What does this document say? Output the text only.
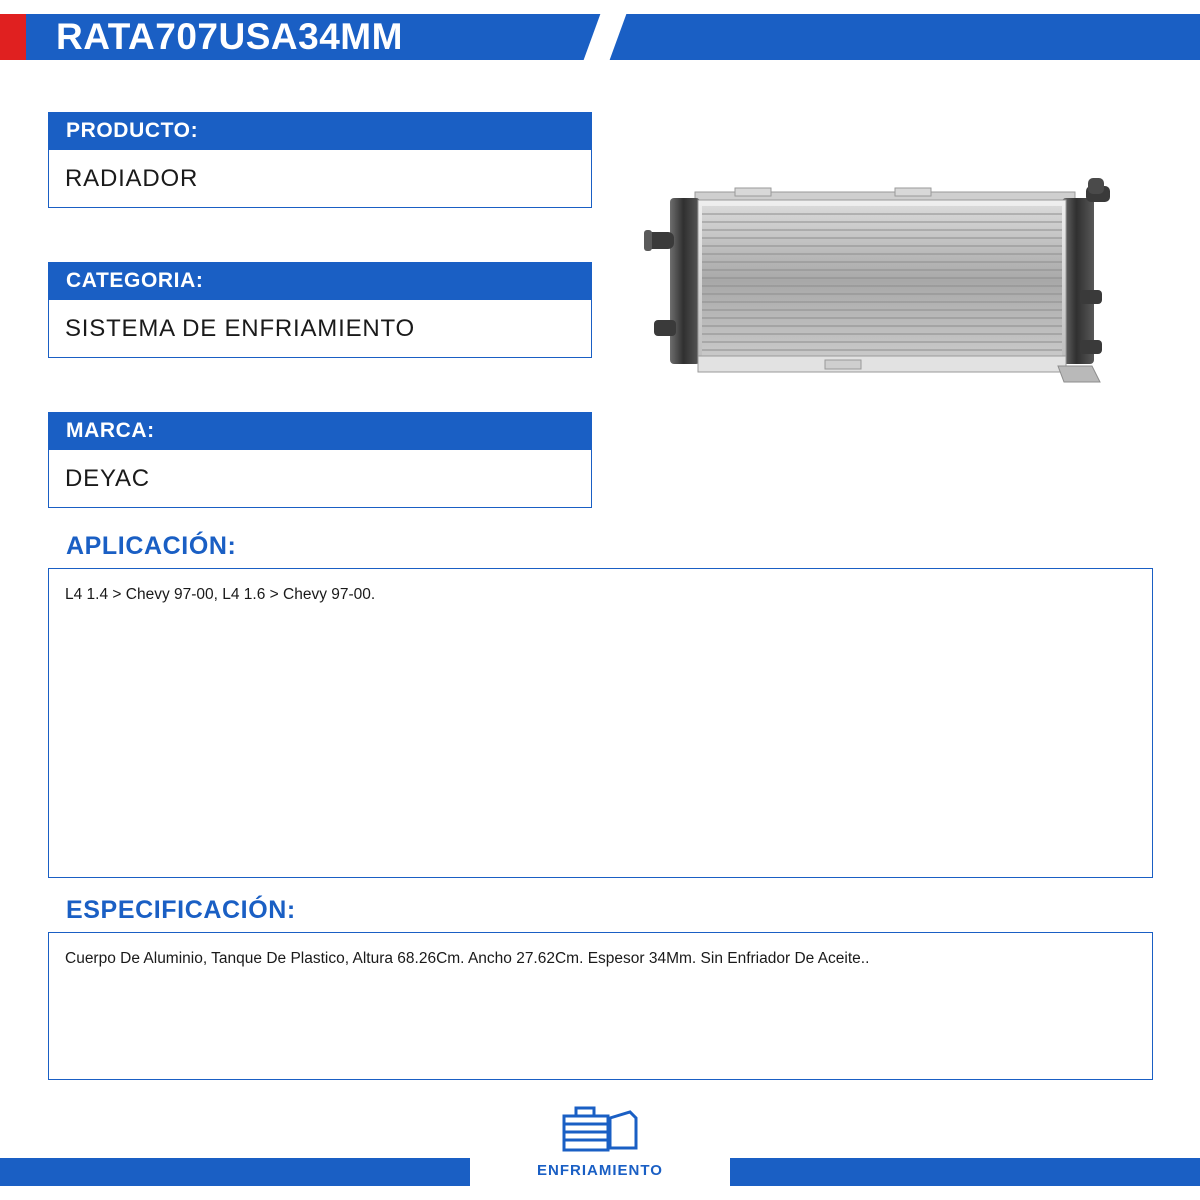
RATA707USA34MM
PRODUCTO:
RADIADOR
CATEGORIA:
SISTEMA DE ENFRIAMIENTO
MARCA:
DEYAC
APLICACIÓN:
L4 1.4 > Chevy 97-00, L4 1.6 > Chevy 97-00.
ESPECIFICACIÓN:
Cuerpo De Aluminio, Tanque De Plastico, Altura 68.26Cm. Ancho 27.62Cm. Espesor 34Mm. Sin Enfriador De Aceite..
ENFRIAMIENTO
